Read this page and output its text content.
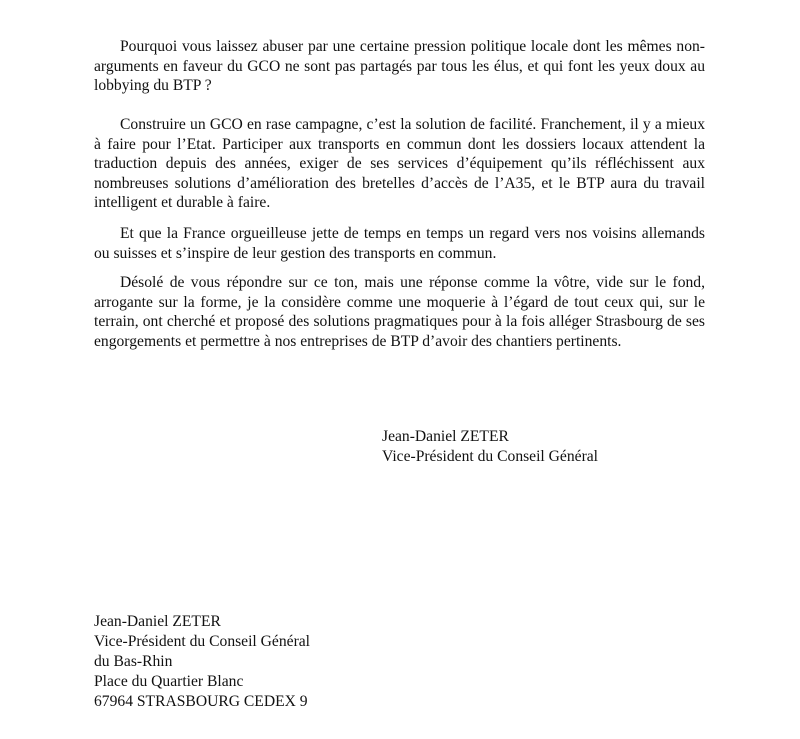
Pourquoi vous laissez abuser par une certaine pression politique locale dont les mêmes non-arguments en faveur du GCO ne sont pas partagés par tous les élus, et qui font les yeux doux au lobbying du BTP ?

Construire un GCO en rase campagne, c’est la solution de facilité. Franchement, il y a mieux à faire pour l’Etat. Participer aux transports en commun dont les dossiers locaux attendent la traduction depuis des années, exiger de ses services d’équipement qu’ils réfléchissent aux nombreuses solutions d’amélioration des bretelles d’accès de l’A35, et le BTP aura du travail intelligent et durable à faire.

Et que la France orgueilleuse jette de temps en temps un regard vers nos voisins allemands ou suisses et s’inspire de leur gestion des transports en commun.

Désolé de vous répondre sur ce ton, mais une réponse comme la vôtre, vide sur le fond, arrogante sur la forme, je la considère comme une moquerie à l’égard de tout ceux qui, sur le terrain, ont cherché et proposé des solutions pragmatiques pour à la fois alléger Strasbourg de ses engorgements et permettre à nos entreprises de BTP d’avoir des chantiers pertinents.

Jean-Daniel ZETER
Vice-Président du Conseil Général
Jean-Daniel ZETER
Vice-Président du Conseil Général
du Bas-Rhin
Place du Quartier Blanc
67964 STRASBOURG CEDEX 9
